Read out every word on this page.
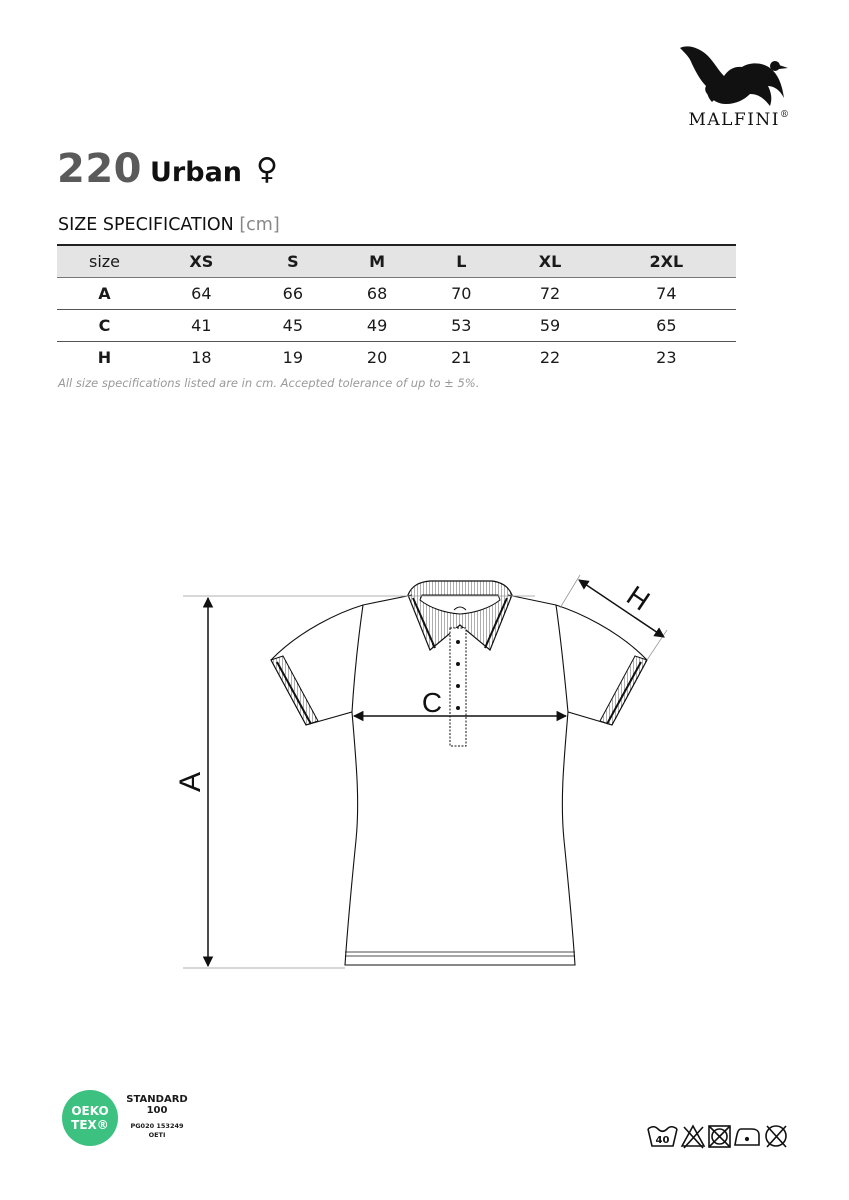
MALFINI®
220 Urban ♀
SIZE SPECIFICATION [cm]
size	XS	S	M	L	XL	2XL
A	64	66	68	70	72	74
C	41	45	49	53	59	65
H	18	19	20	21	22	23
All size specifications listed are in cm. Accepted tolerance of up to ± 5%.
A
C
H
OEKO
TEX®
STANDARD
100
PG020 153249
OETI	40
